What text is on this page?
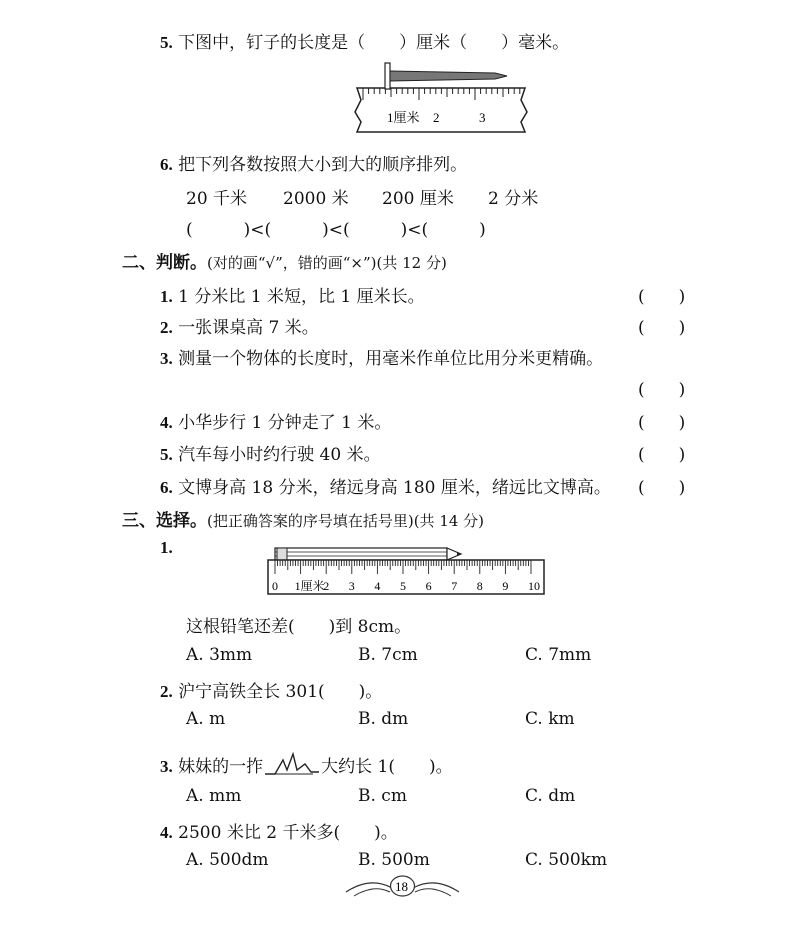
5. 下图中，钉子的长度是（　　）厘米（　　）毫米。
1厘米 2	3
6. 把下列各数按照大小到大的顺序排列。
20 千米 2000 米 200 厘米 2 分米
(　　　)<(　　　)<(　　　)<(　　　)
二、判断。(对的画“√”，错的画“×”)(共 12 分)
1. 1 分米比 1 米短，比 1 厘米长。	(　　)
2. 一张课桌高 7 米。	(　　)
3. 测量一个物体的长度时，用毫米作单位比用分米更精确。
(　　)
4. 小华步行 1 分钟走了 1 米。	(　　)
5. 汽车每小时约行驶 40 米。	(　　)
6. 文博身高 18 分米，绪远身高 180 厘米，绪远比文博高。 (　　)
三、选择。(把正确答案的序号填在括号里)(共 14 分)
1.
0 1厘米
2 3 4 5 6 7 8 9 10
这根铅笔还差(　　)到 8cm。
A. 3mm	B. 7cm	C. 7mm
2. 沪宁高铁全长 301(　　)。
A. m	B. dm	C. km
3. 妹妹的一拃	大约长 1(　　)。
A. mm	B. cm	C. dm
4. 2500 米比 2 千米多(　　)。
A. 500dm	B. 500m	C. 500km
18
